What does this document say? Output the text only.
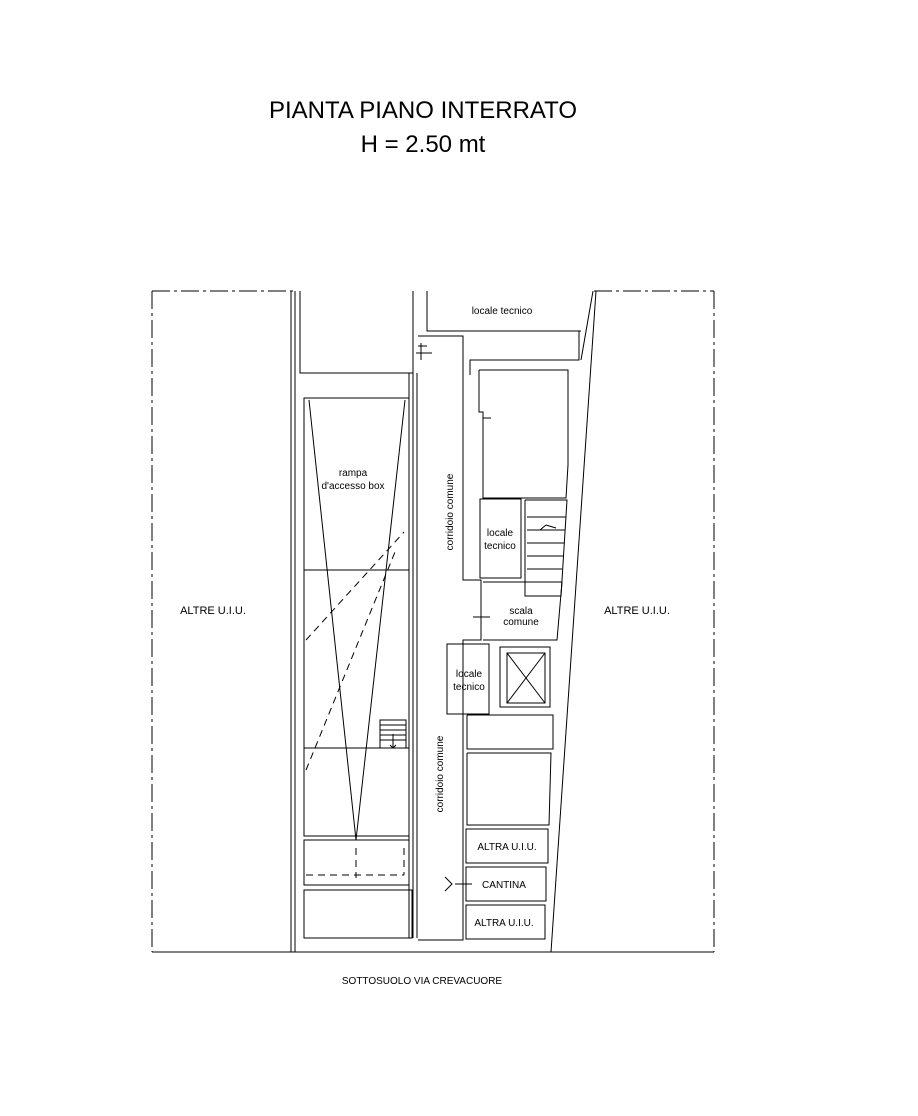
PIANTA PIANO INTERRATO
H = 2.50 mt
ALTRE U.I.U.	ALTRE U.I.U.
locale tecnico
rampa
d'accesso box	corridoio comune
corridoio comune
locale
tecnico
scala
comune
locale
tecnico
ALTRA U.I.U.
CANTINA
ALTRA U.I.U.
SOTTOSUOLO VIA CREVACUORE
